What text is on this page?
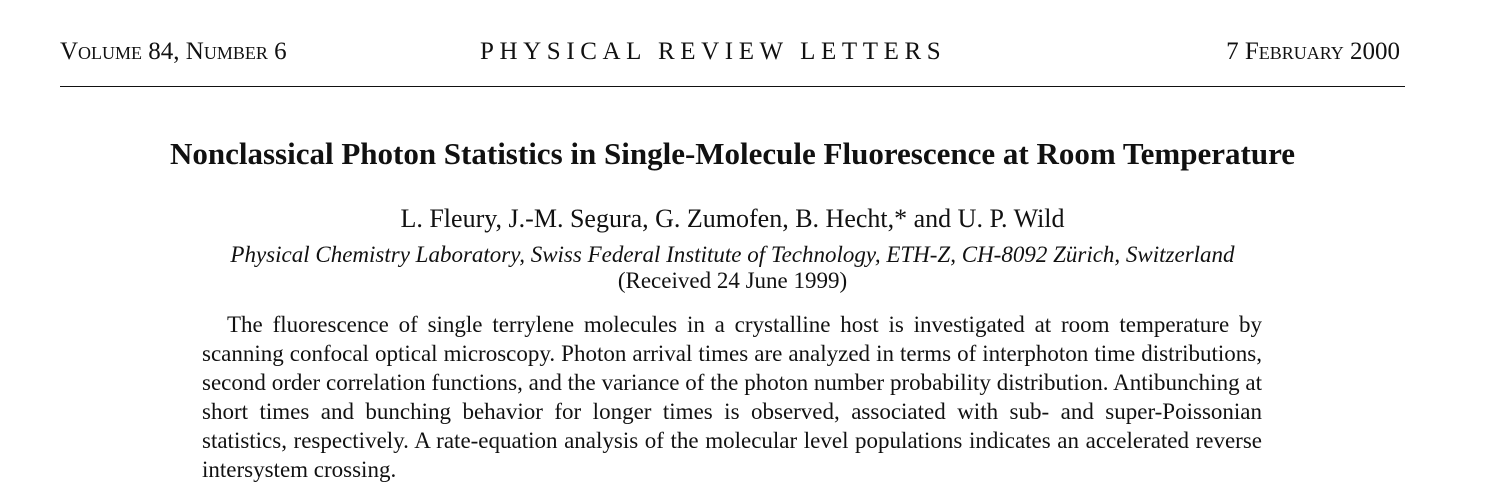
Volume 84, Number 6	PHYSICAL REVIEW LETTERS	7 February 2000
Nonclassical Photon Statistics in Single-Molecule Fluorescence at Room Temperature
L. Fleury, J.-M. Segura, G. Zumofen, B. Hecht,* and U. P. Wild
Physical Chemistry Laboratory, Swiss Federal Institute of Technology, ETH-Z, CH-8092 Zürich, Switzerland
(Received 24 June 1999)

The fluorescence of single terrylene molecules in a crystalline host is investigated at room temperature by scanning confocal optical microscopy. Photon arrival times are analyzed in terms of interphoton time distributions, second order correlation functions, and the variance of the photon number probability distribution. Antibunching at short times and bunching behavior for longer times is observed, associated with sub- and super-Poissonian statistics, respectively. A rate-equation analysis of the molecular level populations indicates an accelerated reverse intersystem crossing.
